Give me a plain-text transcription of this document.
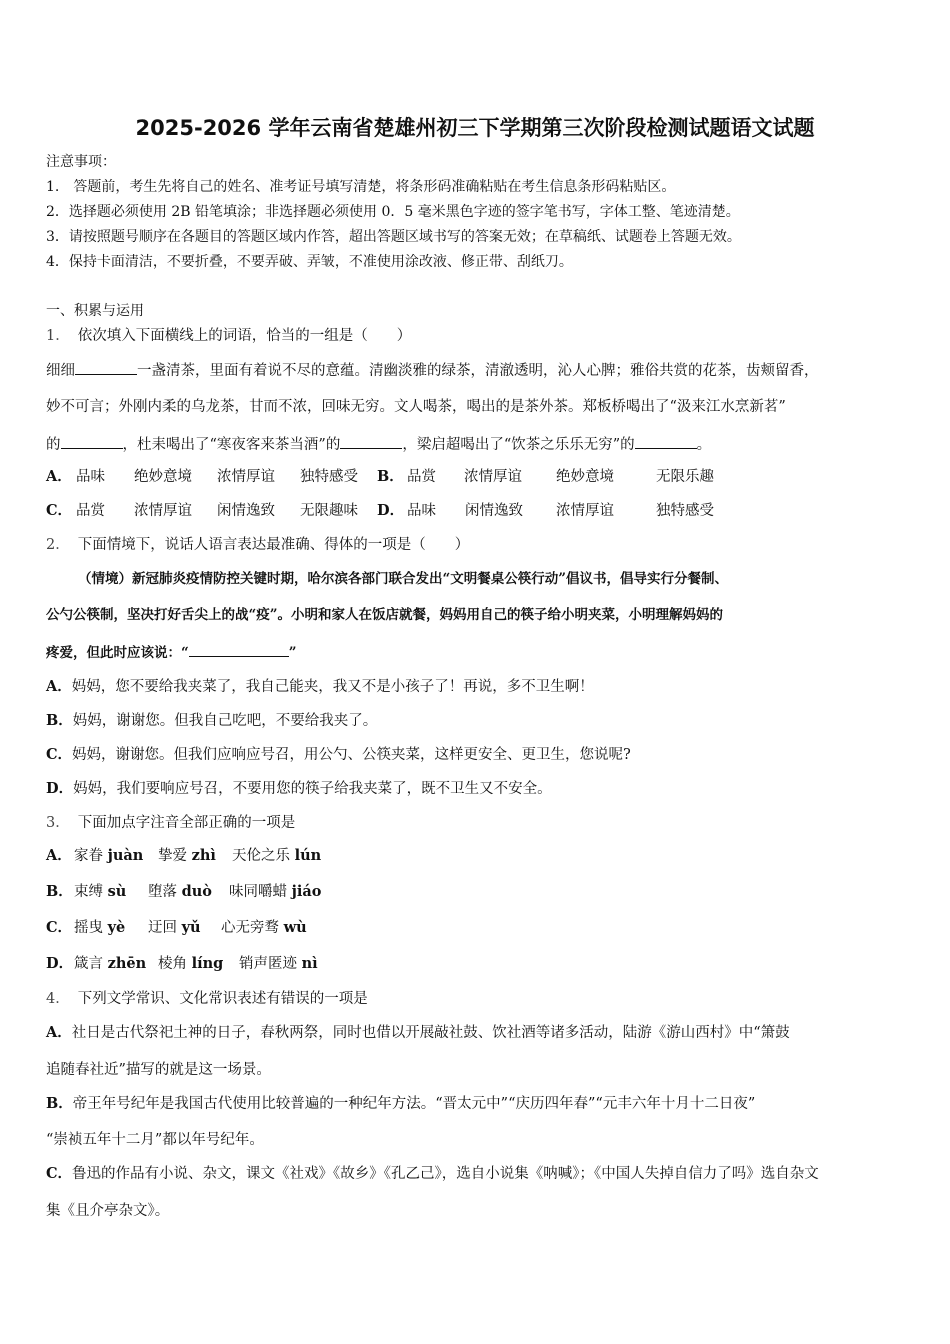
2025-2026 学年云南省楚雄州初三下学期第三次阶段检测试题语文试题
注意事项：
1.　答题前，考生先将自己的姓名、准考证号填写清楚，将条形码准确粘贴在考生信息条形码粘贴区。
2．选择题必须使用 2B 铅笔填涂；非选择题必须使用 0．5 毫米黑色字迹的签字笔书写，字体工整、笔迹清楚。
3．请按照题号顺序在各题目的答题区域内作答，超出答题区域书写的答案无效；在草稿纸、试题卷上答题无效。
4．保持卡面清洁，不要折叠，不要弄破、弄皱，不准使用涂改液、修正带、刮纸刀。
一、积累与运用
1． 依次填入下面横线上的词语，恰当的一组是（　　）
细细	一盏清茶，里面有着说不尽的意蕴。清幽淡雅的绿茶，清澈透明，沁人心脾；雅俗共赏的花茶，齿颊留香，
妙不可言；外刚内柔的乌龙茶，甘而不浓，回味无穷。文人喝茶，喝出的是茶外茶。郑板桥喝出了“汲来江水烹新茗”
的	，杜耒喝出了“寒夜客来茶当酒”的	，梁启超喝出了“饮茶之乐乐无穷”的	。
A． 品味 绝妙意境 浓情厚谊 独特感受 B． 品赏 浓情厚谊 绝妙意境	无限乐趣
C． 品赏 浓情厚谊 闲情逸致 无限趣味 D． 品味 闲情逸致 浓情厚谊	独特感受
2． 下面情境下，说话人语言表达最准确、得体的一项是（　　）
（情境）新冠肺炎疫情防控关键时期，哈尔滨各部门联合发出“文明餐桌公筷行动”倡议书，倡导实行分餐制、
公勺公筷制，坚决打好舌尖上的战“疫”。小明和家人在饭店就餐，妈妈用自己的筷子给小明夹菜，小明理解妈妈的
疼爱，但此时应该说：“	”
A．妈妈，您不要给我夹菜了，我自己能夹，我又不是小孩子了！再说，多不卫生啊！
B．妈妈，谢谢您。但我自己吃吧，不要给我夹了。
C．妈妈，谢谢您。但我们应响应号召，用公勺、公筷夹菜，这样更安全、更卫生，您说呢?
D．妈妈，我们要响应号召，不要用您的筷子给我夹菜了，既不卫生又不安全。
3． 下面加点字注音全部正确的一项是
A． 家眷 juàn 挚爱 zhì 天伦之乐 lún
B． 束缚 sù 堕落 duò 味同嚼蜡 jiáo
C． 摇曳 yè 迂回 yǔ 心无旁骛 wù
D． 箴言 zhēn 棱角 líng 销声匿迹 nì
4． 下列文学常识、文化常识表述有错误的一项是
A．社日是古代祭祀土神的日子，春秋两祭，同时也借以开展敲社鼓、饮社酒等诸多活动，陆游《游山西村》中“箫鼓
追随春社近”描写的就是这一场景。
B．帝王年号纪年是我国古代使用比较普遍的一种纪年方法。“晋太元中”“庆历四年春”“元丰六年十月十二日夜”
“崇祯五年十二月”都以年号纪年。
C．鲁迅的作品有小说、杂文，课文《社戏》《故乡》《孔乙己》，选自小说集《呐喊》；《中国人失掉自信力了吗》选自杂文
集《且介亭杂文》。
